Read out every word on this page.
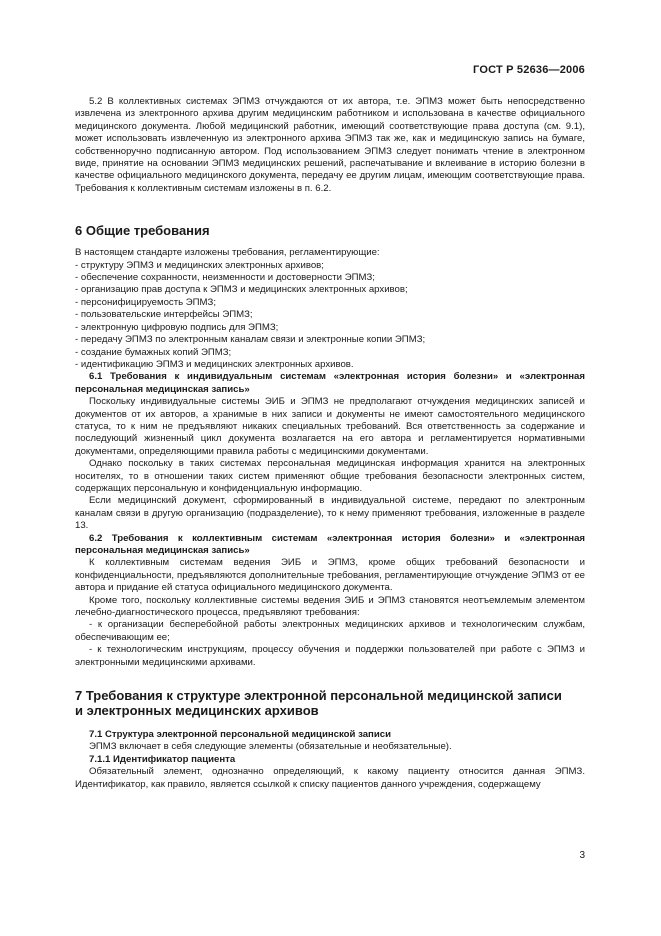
ГОСТ Р 52636—2006

5.2 В коллективных системах ЭПМЗ отчуждаются от их автора, т.е. ЭПМЗ может быть непосредственно извлечена из электронного архива другим медицинским работником и использована в качестве официального медицинского документа. Любой медицинский работник, имеющий соответствующие права доступа (см. 9.1), может использовать извлеченную из электронного архива ЭПМЗ так же, как и медицинскую запись на бумаге, собственноручно подписанную автором. Под использованием ЭПМЗ следует понимать чтение в электронном виде, принятие на основании ЭПМЗ медицинских решений, распечатывание и вклеивание в историю болезни в качестве официального медицинского документа, передачу ее другим лицам, имеющим соответствующие права. Требования к коллективным системам изложены в п. 6.2.

6 Общие требования

В настоящем стандарте изложены требования, регламентирующие:

- структуру ЭПМЗ и медицинских электронных архивов;

- обеспечение сохранности, неизменности и достоверности ЭПМЗ;

- организацию прав доступа к ЭПМЗ и медицинских электронных архивов;

- персонифицируемость ЭПМЗ;

- пользовательские интерфейсы ЭПМЗ;

- электронную цифровую подпись для ЭПМЗ;

- передачу ЭПМЗ по электронным каналам связи и электронные копии ЭПМЗ;

- создание бумажных копий ЭПМЗ;

- идентификацию ЭПМЗ и медицинских электронных архивов.

6.1 Требования к индивидуальным системам «электронная история болезни» и «электронная персональная медицинская запись»

Поскольку индивидуальные системы ЭИБ и ЭПМЗ не предполагают отчуждения медицинских записей и документов от их авторов, а хранимые в них записи и документы не имеют самостоятельного медицинского статуса, то к ним не предъявляют никаких специальных требований. Вся ответственность за содержание и последующий жизненный цикл документа возлагается на его автора и регламентируется нормативными документами, определяющими правила работы с медицинскими документами.

Однако поскольку в таких системах персональная медицинская информация хранится на электронных носителях, то в отношении таких систем применяют общие требования безопасности электронных систем, содержащих персональную и конфиденциальную информацию.

Если медицинский документ, сформированный в индивидуальной системе, передают по электронным каналам связи в другую организацию (подразделение), то к нему применяют требования, изложенные в разделе 13.

6.2 Требования к коллективным системам «электронная история болезни» и «электронная персональная медицинская запись»

К коллективным системам ведения ЭИБ и ЭПМЗ, кроме общих требований безопасности и конфиденциальности, предъявляются дополнительные требования, регламентирующие отчуждение ЭПМЗ от ее автора и придание ей статуса официального медицинского документа.

Кроме того, поскольку коллективные системы ведения ЭИБ и ЭПМЗ становятся неотъемлемым элементом лечебно-диагностического процесса, предъявляют требования:

- к организации бесперебойной работы электронных медицинских архивов и технологическим службам, обеспечивающим ее;

- к технологическим инструкциям, процессу обучения и поддержки пользователей при работе с ЭПМЗ и электронными медицинскими архивами.

7 Требования к структуре электронной персональной медицинской записи
и электронных медицинских архивов

7.1 Структура электронной персональной медицинской записи

ЭПМЗ включает в себя следующие элементы (обязательные и необязательные).

7.1.1 Идентификатор пациента

Обязательный элемент, однозначно определяющий, к какому пациенту относится данная ЭПМЗ. Идентификатор, как правило, является ссылкой к списку пациентов данного учреждения, содержащему

3
